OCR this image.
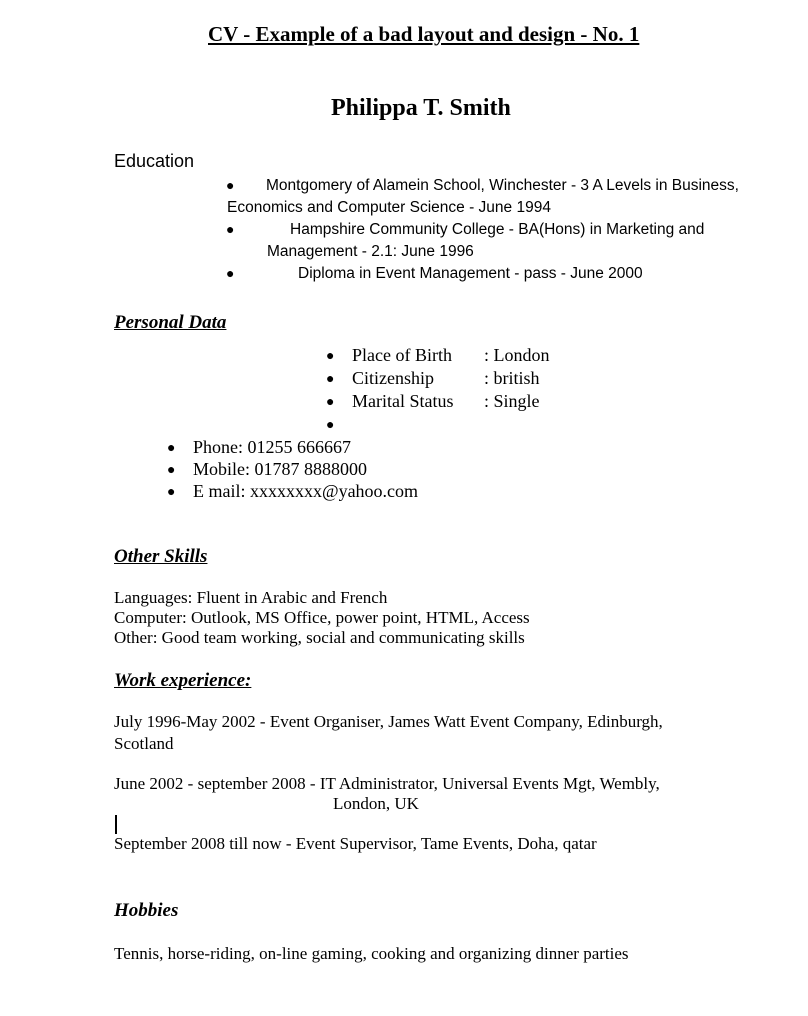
CV - Example of a bad layout and design - No. 1
Philippa T. Smith
Education
● Montgomery of Alamein School, Winchester - 3 A Levels in Business,
Economics and Computer Science - June 1994
●	Hampshire Community College - BA(Hons) in Marketing and
Management - 2.1: June 1996
●	Diploma in Event Management - pass - June 2000
Personal Data
● Place of Birth : London
● Citizenship	: british
● Marital Status : Single
●
● Phone: 01255 666667
● Mobile: 01787 8888000
● E mail: xxxxxxxx@yahoo.com
Other Skills
Languages: Fluent in Arabic and French
Computer: Outlook, MS Office, power point, HTML, Access
Other: Good team working, social and communicating skills
Work experience:
July 1996-May 2002 - Event Organiser, James Watt Event Company, Edinburgh,
Scotland
June 2002 - september 2008 - IT Administrator, Universal Events Mgt, Wembly,
London, UK
September 2008 till now - Event Supervisor, Tame Events, Doha, qatar
Hobbies
Tennis, horse-riding, on-line gaming, cooking and organizing dinner parties
